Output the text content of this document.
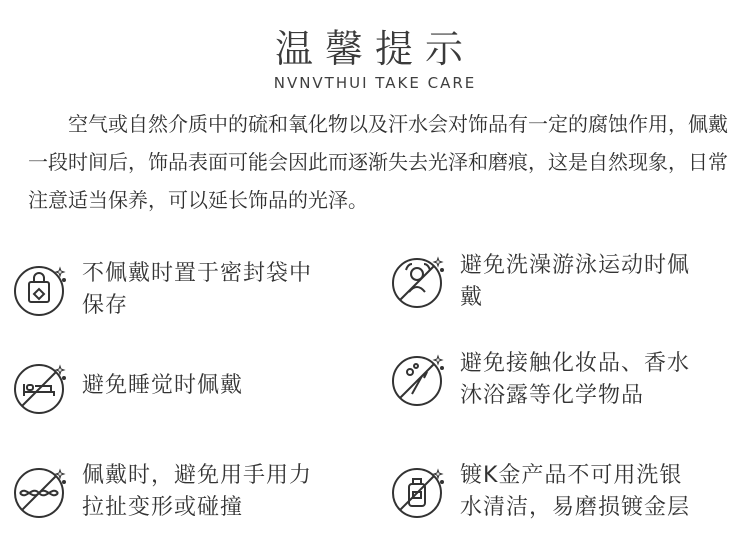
温馨提示
NVNVTHUI TAKE CARE
空气或自然介质中的硫和氧化物以及汗水会对饰品有一定的腐蚀作用，佩戴一段时间后，饰品表面可能会因此而逐渐失去光泽和磨痕，这是自然现象，日常注意适当保养，可以延长饰品的光泽。
不佩戴时置于密封袋中
保存
避免洗澡游泳运动时佩
戴
避免睡觉时佩戴
避免接触化妆品、香水
沐浴露等化学物品
佩戴时，避免用手用力
拉扯变形或碰撞
镀K金产品不可用洗银
水清洁，易磨损镀金层
